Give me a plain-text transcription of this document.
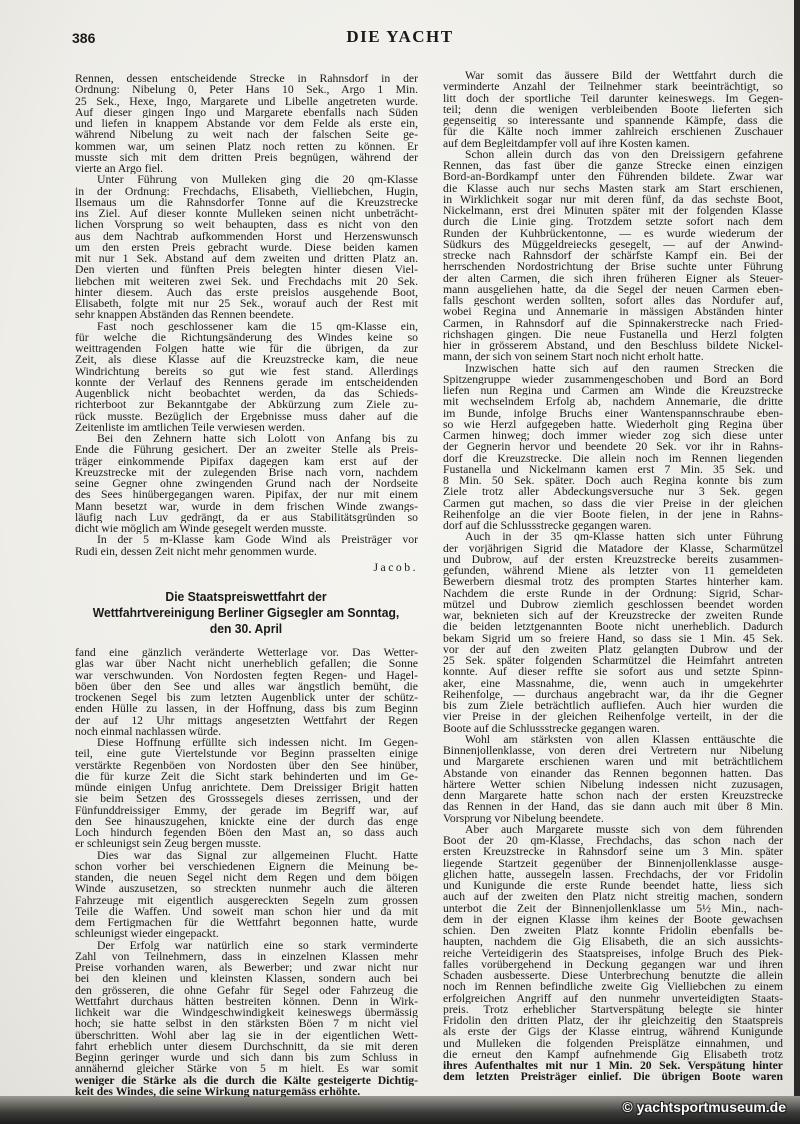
386	DIE YACHT
Rennen, dessen entscheidende Strecke in Rahnsdorf in der
Ordnung: Nibelung 0, Peter Hans 10 Sek., Argo 1 Min.
25 Sek., Hexe, Ingo, Margarete und Libelle angetreten wurde.
Auf dieser gingen Ingo und Margarete ebenfalls nach Süden
und liefen in knappem Abstande vor dem Felde als erste ein,
während Nibelung zu weit nach der falschen Seite ge-
kommen war, um seinen Platz noch retten zu können. Er
musste sich mit dem dritten Preis begnügen, während der
vierte an Argo fiel.
Unter Führung von Mulleken ging die 20 qm-Klasse
in der Ordnung: Frechdachs, Elisabeth, Vielliebchen, Hugin,
Ilsemaus um die Rahnsdorfer Tonne auf die Kreuzstrecke
ins Ziel. Auf dieser konnte Mulleken seinen nicht unbeträcht-
lichen Vorsprung so weit behaupten, dass es nicht von den
aus dem Nachtrab aufkommenden Horst und Herzenswunsch
um den ersten Preis gebracht wurde. Diese beiden kamen
mit nur 1 Sek. Abstand auf dem zweiten und dritten Platz an.
Den vierten und fünften Preis belegten hinter diesen Viel-
liebchen mit weiteren zwei Sek. und Frechdachs mit 20 Sek.
hinter diesem. Auch das erste preislos ausgehende Boot,
Elisabeth, folgte mit nur 25 Sek., worauf auch der Rest mit
sehr knappen Abständen das Rennen beendete.
Fast noch geschlossener kam die 15 qm-Klasse ein,
für welche die Richtungsänderung des Windes keine so
weittragenden Folgen hatte wie für die übrigen, da zur
Zeit, als diese Klasse auf die Kreuzstrecke kam, die neue
Windrichtung bereits so gut wie fest stand. Allerdings
konnte der Verlauf des Rennens gerade im entscheidenden
Augenblick nicht beobachtet werden, da das Schieds-
richterboot zur Bekanntgabe der Abkürzung zum Ziele zu-
rück musste. Bezüglich der Ergebnisse muss daher auf die
Zeitenliste im amtlichen Teile verwiesen werden.
Bei den Zehnern hatte sich Lolott von Anfang bis zu
Ende die Führung gesichert. Der an zweiter Stelle als Preis-
träger einkommende Pipifax dagegen kam erst auf der
Kreuzstrecke mit der zulegenden Brise nach vorn, nachdem
seine Gegner ohne zwingenden Grund nach der Nordseite
des Sees hinübergegangen waren. Pipifax, der nur mit einem
Mann besetzt war, wurde in dem frischen Winde zwangs-
läufig nach Luv gedrängt, da er aus Stabilitätsgründen so
dicht wie möglich am Winde gesegelt werden musste.
In der 5 m-Klasse kam Gode Wind als Preisträger vor
Rudi ein, dessen Zeit nicht mehr genommen wurde.
Jacob.
Die Staatspreiswettfahrt der
Wettfahrtvereinigung Berliner Gigsegler am Sonntag,
den 30. April
fand eine gänzlich veränderte Wetterlage vor. Das Wetter-
glas war über Nacht nicht unerheblich gefallen; die Sonne
war verschwunden. Von Nordosten fegten Regen- und Hagel-
böen über den See und alles war ängstlich bemüht, die
trockenen Segel bis zum letzten Augenblick unter der schütz-
enden Hülle zu lassen, in der Hoffnung, dass bis zum Beginn
der auf 12 Uhr mittags angesetzten Wettfahrt der Regen
noch einmal nachlassen würde.
Diese Hoffnung erfüllte sich indessen nicht. Im Gegen-
teil, eine gute Viertelstunde vor Beginn prasselten einige
verstärkte Regenböen von Nordosten über den See hinüber,
die für kurze Zeit die Sicht stark behinderten und im Ge-
münde einigen Unfug anrichtete. Dem Dreissiger Brigit hatten
sie beim Setzen des Grosssegels dieses zerrissen, und der
Fünfunddreissiger Emmy, der gerade im Begriff war, auf
den See hinauszugehen, knickte eine der durch das enge
Loch hindurch fegenden Böen den Mast an, so dass auch
er schleunigst sein Zeug bergen musste.
Dies war das Signal zur allgemeinen Flucht. Hatte
schon vorher bei verschiedenen Eignern die Meinung be-
standen, die neuen Segel nicht dem Regen und dem böigen
Winde auszusetzen, so streckten nunmehr auch die älteren
Fahrzeuge mit eigentlich ausgereckten Segeln zum grossen
Teile die Waffen. Und soweit man schon hier und da mit
dem Fertigmachen für die Wettfahrt begonnen hatte, wurde
schleunigst wieder eingepackt.
Der Erfolg war natürlich eine so stark verminderte
Zahl von Teilnehmern, dass in einzelnen Klassen mehr
Preise vorhanden waren, als Bewerber; und zwar nicht nur
bei den kleinen und kleinsten Klassen, sondern auch bei
den grösseren, die ohne Gefahr für Segel oder Fahrzeug die
Wettfahrt durchaus hätten bestreiten können. Denn in Wirk-
lichkeit war die Windgeschwindigkeit keineswegs übermässig
hoch; sie hatte selbst in den stärksten Böen 7 m nicht viel
überschritten. Wohl aber lag sie in der eigentlichen Wett-
fahrt erheblich unter diesem Durchschnitt, da sie mit deren
Beginn geringer wurde und sich dann bis zum Schluss in
annähernd gleicher Stärke von 5 m hielt. Es war somit
weniger die Stärke als die durch die Kälte gesteigerte Dichtig-
keit des Windes, die seine Wirkung naturgemäss erhöhte.
War somit das äussere Bild der Wettfahrt durch die
verminderte Anzahl der Teilnehmer stark beeinträchtigt, so
litt doch der sportliche Teil darunter keineswegs. Im Gegen-
teil; denn die wenigen verbleibenden Boote lieferten sich
gegenseitig so interessante und spannende Kämpfe, dass die
für die Kälte noch immer zahlreich erschienen Zuschauer
auf dem Begleitdampfer voll auf ihre Kosten kamen.
Schon allein durch das von den Dreissigern gefahrene
Rennen, das fast über die ganze Strecke einen einzigen
Bord-an-Bordkampf unter den Führenden bildete. Zwar war
die Klasse auch nur sechs Masten stark am Start erschienen,
in Wirklichkeit sogar nur mit deren fünf, da das sechste Boot,
Nickelmann, erst drei Minuten später mit der folgenden Klasse
durch die Linie ging. Trotzdem setzte sofort nach dem
Runden der Kuhbrückentonne, — es wurde wiederum der
Südkurs des Müggeldreiecks gesegelt, — auf der Anwind-
strecke nach Rahnsdorf der schärfste Kampf ein. Bei der
herrschenden Nordostrichtung der Brise suchte unter Führung
der alten Carmen, die sich ihren früheren Eigner als Steuer-
mann ausgeliehen hatte, da die Segel der neuen Carmen eben-
falls geschont werden sollten, sofort alles das Nordufer auf,
wobei Regina und Annemarie in mässigen Abständen hinter
Carmen, in Rahnsdorf auf die Spinnakerstrecke nach Fried-
richshagen gingen. Die neue Fustanella und Herzl folgten
hier in grösserem Abstand, und den Beschluss bildete Nickel-
mann, der sich von seinem Start noch nicht erholt hatte.
Inzwischen hatte sich auf den raumen Strecken die
Spitzengruppe wieder zusammengeschoben und Bord an Bord
liefen nun Regina und Carmen am Winde die Kreuzstrecke
mit wechselndem Erfolg ab, nachdem Annemarie, die dritte
im Bunde, infolge Bruchs einer Wantenspannschraube eben-
so wie Herzl aufgegeben hatte. Wiederholt ging Regina über
Carmen hinweg; doch immer wieder zog sich diese unter
der Gegnerin hervor und beendete 20 Sek. vor ihr in Rahns-
dorf die Kreuzstrecke. Die allein noch im Rennen liegenden
Fustanella und Nickelmann kamen erst 7 Min. 35 Sek. und
8 Min. 50 Sek. später. Doch auch Regina konnte bis zum
Ziele trotz aller Abdeckungsversuche nur 3 Sek. gegen
Carmen gut machen, so dass die vier Preise in der gleichen
Reihenfolge an die vier Boote fielen, in der jene in Rahns-
dorf auf die Schlussstrecke gegangen waren.
Auch in der 35 qm-Klasse hatten sich unter Führung
der vorjährigen Sigrid die Matadore der Klasse, Scharmützel
und Dubrow, auf der ersten Kreuzstrecke bereits zusammen-
gefunden, während Miene als letzter von 11 gemeldeten
Bewerbern diesmal trotz des prompten Startes hinterher kam.
Nachdem die erste Runde in der Ordnung: Sigrid, Schar-
mützel und Dubrow ziemlich geschlossen beendet worden
war, beknieten sich auf der Kreuzstrecke der zweiten Runde
die beiden letztgenannten Boote nicht unerheblich. Dadurch
bekam Sigrid um so freiere Hand, so dass sie 1 Min. 45 Sek.
vor der auf den zweiten Platz gelangten Dubrow und der
25 Sek. später folgenden Scharmützel die Heimfahrt antreten
konnte. Auf dieser reffte sie sofort aus und setzte Spinn-
aker, eine Massnahme, die, wenn auch in umgekehrter
Reihenfolge, — durchaus angebracht war, da ihr die Gegner
bis zum Ziele beträchtlich aufliefen. Auch hier wurden die
vier Preise in der gleichen Reihenfolge verteilt, in der die
Boote auf die Schlussstrecke gegangen waren.
Wohl am stärksten von allen Klassen enttäuschte die
Binnenjollenklasse, von deren drei Vertretern nur Nibelung
und Margarete erschienen waren und mit beträchtlichem
Abstande von einander das Rennen begonnen hatten. Das
härtere Wetter schien Nibelung indessen nicht zuzusagen,
denn Margarete hatte schon nach der ersten Kreuzstrecke
das Rennen in der Hand, das sie dann auch mit über 8 Min.
Vorsprung vor Nibelung beendete.
Aber auch Margarete musste sich von dem führenden
Boot der 20 qm-Klasse, Frechdachs, das schon nach der
ersten Kreuzstrecke in Rahnsdorf seine um 3 Min. später
liegende Startzeit gegenüber der Binnenjollenklasse ausge-
glichen hatte, aussegeln lassen. Frechdachs, der vor Fridolin
und Kunigunde die erste Runde beendet hatte, liess sich
auch auf der zweiten den Platz nicht streitig machen, sondern
unterbot die Zeit der Binnenjollenklasse um 5½ Min., nach-
dem in der eignen Klasse ihm keines der Boote gewachsen
schien. Den zweiten Platz konnte Fridolin ebenfalls be-
haupten, nachdem die Gig Elisabeth, die an sich aussichts-
reiche Verteidigerin des Staatspreises, infolge Bruch des Piek-
falles vorübergehend in Deckung gegangen war und ihren
Schaden ausbesserte. Diese Unterbrechung benutzte die allein
noch im Rennen befindliche zweite Gig Vielliebchen zu einem
erfolgreichen Angriff auf den nunmehr unverteidigten Staats-
preis. Trotz erheblicher Startverspätung belegte sie hinter
Fridolin den dritten Platz, der ihr gleichzeitig den Staatspreis
als erste der Gigs der Klasse eintrug, während Kunigunde
und Mulleken die folgenden Preisplätze einnahmen, und
die erneut den Kampf aufnehmende Gig Elisabeth trotz
ihres Aufenthaltes mit nur 1 Min. 20 Sek. Verspätung hinter
dem letzten Preisträger einlief. Die übrigen Boote waren
© yachtsportmuseum.de
